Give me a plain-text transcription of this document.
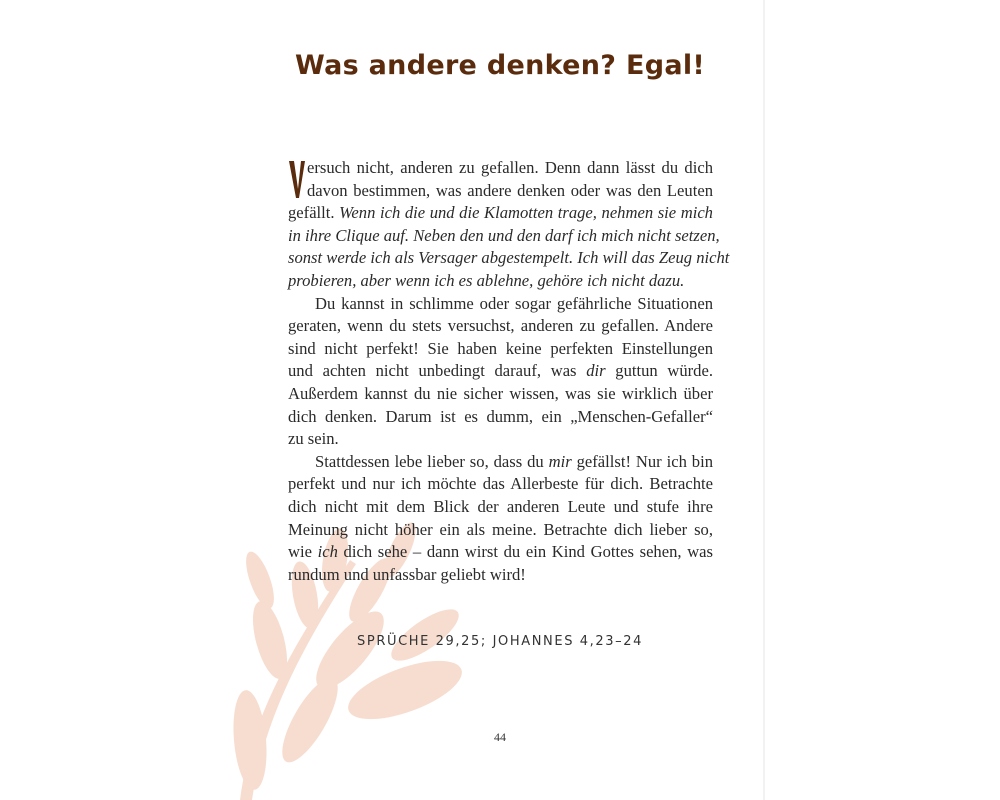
Was andere denken? Egal!
ersuch nicht, anderen zu gefallen. Denn dann lässt du dich
davon bestimmen, was andere denken oder was den Leuten
gefällt. Wenn ich die und die Klamotten trage, nehmen sie mich
in ihre Clique auf. Neben den und den darf ich mich nicht setzen,
sonst werde ich als Versager abgestempelt. Ich will das Zeug nicht
probieren, aber wenn ich es ablehne, gehöre ich nicht dazu.
Du kannst in schlimme oder sogar gefährliche Situationen
geraten, wenn du stets versuchst, anderen zu gefallen. Andere
sind nicht perfekt! Sie haben keine perfekten Einstellungen
und achten nicht unbedingt darauf, was dir guttun würde.
Außerdem kannst du nie sicher wissen, was sie wirklich über
dich denken. Darum ist es dumm, ein „Menschen-Gefaller“
zu sein.
Stattdessen lebe lieber so, dass du mir gefällst! Nur ich bin
perfekt und nur ich möchte das Allerbeste für dich. Betrachte
dich nicht mit dem Blick der anderen Leute und stufe ihre
Meinung nicht höher ein als meine. Betrachte dich lieber so,
wie ich dich sehe – dann wirst du ein Kind Gottes sehen, was
rundum und unfassbar geliebt wird!
SPRÜCHE 29,25; JOHANNES 4,23–24
44
